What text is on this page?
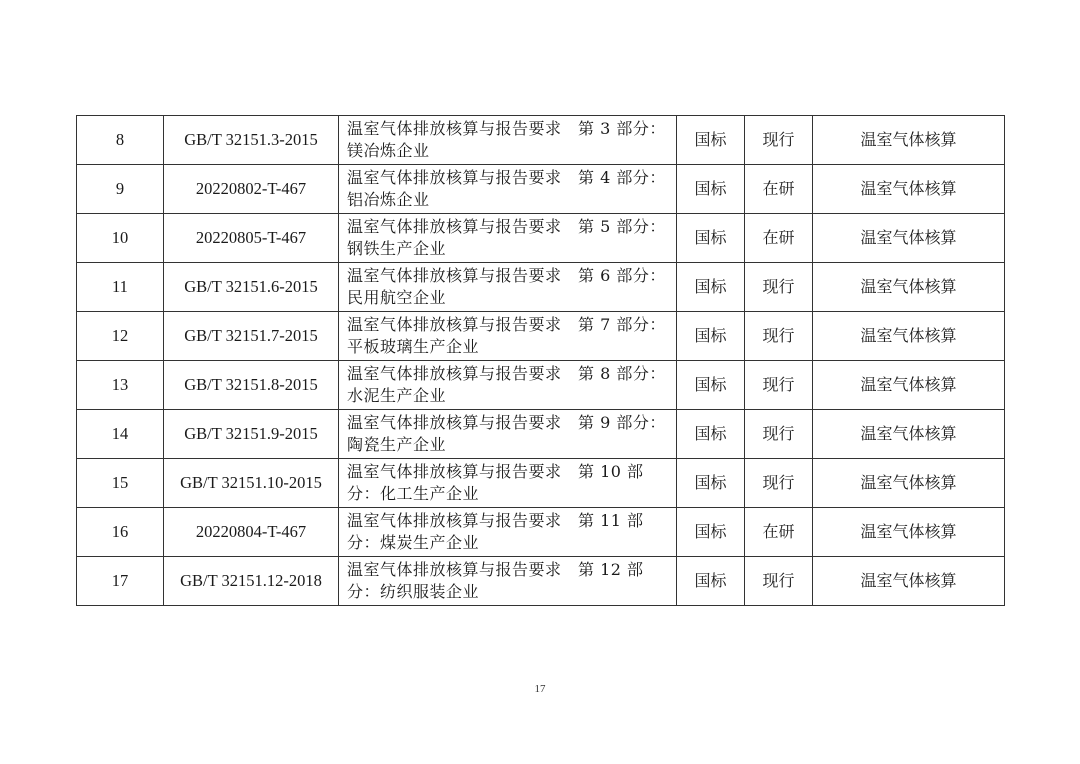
8	GB/T 32151.3-2015	温室气体排放核算与报告要求　第 3 部分：镁冶炼企业	国标	现行	温室气体核算
9	20220802-T-467	温室气体排放核算与报告要求　第 4 部分：铝冶炼企业	国标	在研	温室气体核算
10	20220805-T-467	温室气体排放核算与报告要求　第 5 部分：钢铁生产企业	国标	在研	温室气体核算
11	GB/T 32151.6-2015	温室气体排放核算与报告要求　第 6 部分：民用航空企业	国标	现行	温室气体核算
12	GB/T 32151.7-2015	温室气体排放核算与报告要求　第 7 部分：平板玻璃生产企业	国标	现行	温室气体核算
13	GB/T 32151.8-2015	温室气体排放核算与报告要求　第 8 部分：水泥生产企业	国标	现行	温室气体核算
14	GB/T 32151.9-2015	温室气体排放核算与报告要求　第 9 部分：陶瓷生产企业	国标	现行	温室气体核算
15	GB/T 32151.10-2015	温室气体排放核算与报告要求　第 10 部分：化工生产企业	国标	现行	温室气体核算
16	20220804-T-467	温室气体排放核算与报告要求　第 11 部分：煤炭生产企业	国标	在研	温室气体核算
17	GB/T 32151.12-2018	温室气体排放核算与报告要求　第 12 部分：纺织服装企业	国标	现行	温室气体核算
17
